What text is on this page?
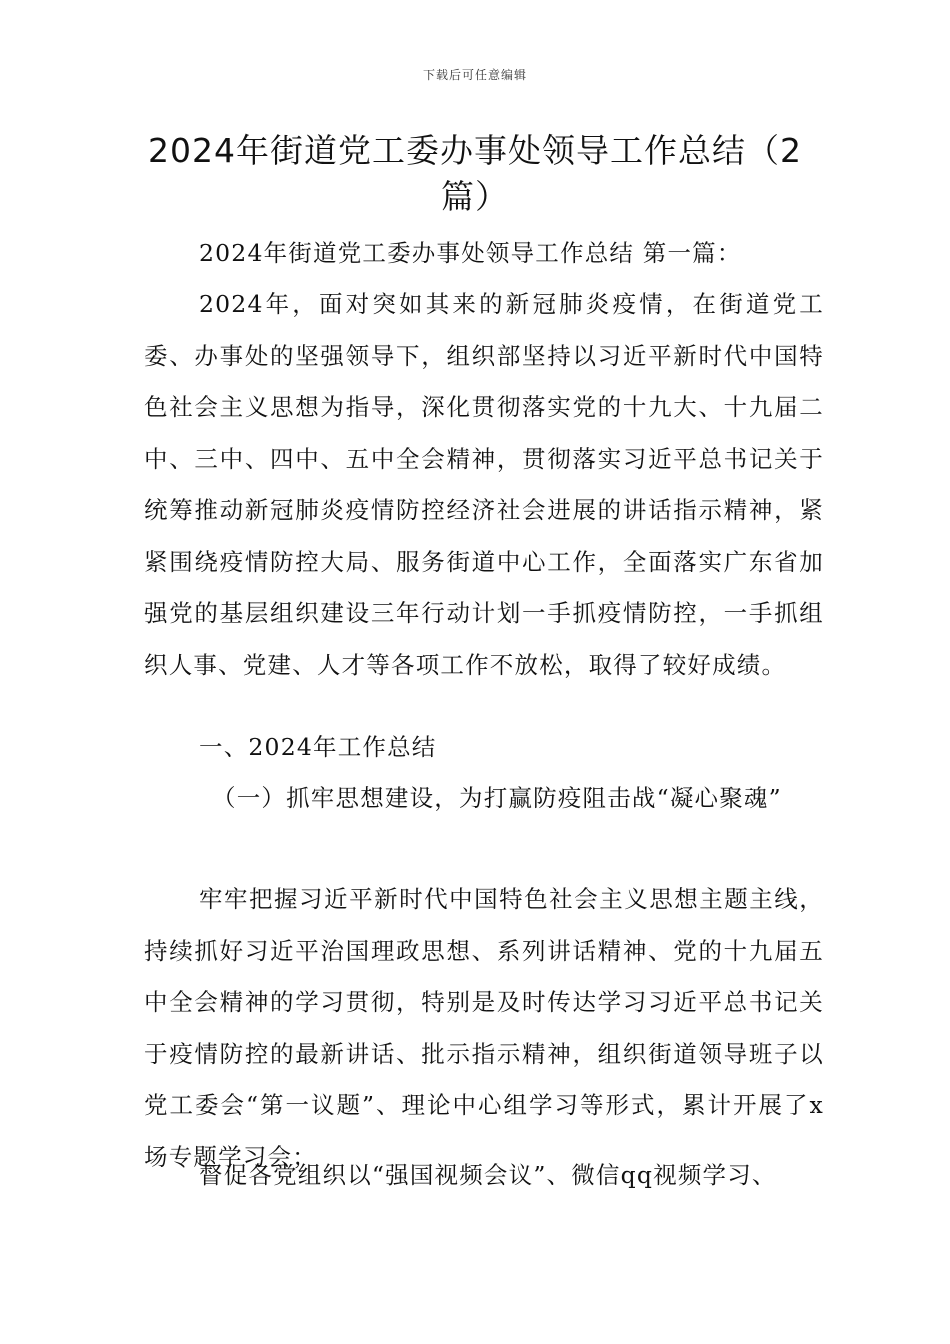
下载后可任意编辑
2024年街道党工委办事处领导工作总结（2篇）

2024年街道党工委办事处领导工作总结 第一篇：

2024年，面对突如其来的新冠肺炎疫情，在街道党工委、办事处的坚强领导下，组织部坚持以习近平新时代中国特色社会主义思想为指导，深化贯彻落实党的十九大、十九届二中、三中、四中、五中全会精神，贯彻落实习近平总书记关于统筹推动新冠肺炎疫情防控经济社会进展的讲话指示精神，紧紧围绕疫情防控大局、服务街道中心工作，全面落实广东省加强党的基层组织建设三年行动计划一手抓疫情防控，一手抓组织人事、党建、人才等各项工作不放松，取得了较好成绩。

一、2024年工作总结

（一）抓牢思想建设，为打赢防疫阻击战“凝心聚魂”

牢牢把握习近平新时代中国特色社会主义思想主题主线，持续抓好习近平治国理政思想、系列讲话精神、党的十九届五中全会精神的学习贯彻，特别是及时传达学习习近平总书记关于疫情防控的最新讲话、批示指示精神，组织街道领导班子以党工委会“第一议题”、理论中心组学习等形式，累计开展了x场专题学习会；

督促各党组织以“强国视频会议”、微信qq视频学习、
